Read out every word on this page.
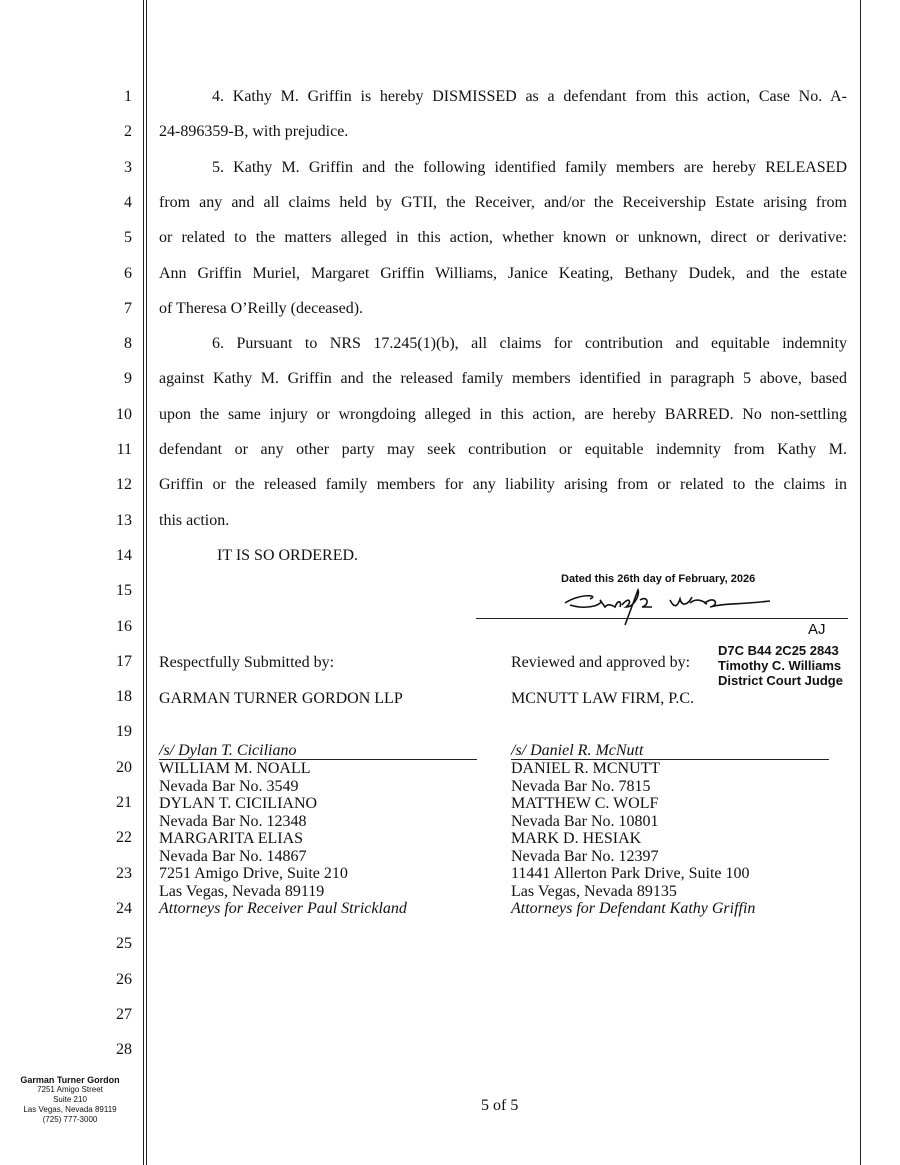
1
2
3
4
5
6
7
8
9
10
11
12
13
14
15
16
17
18
19
20
21
22
23
24
25
26
27
28
4. Kathy M. Griffin is hereby DISMISSED as a defendant from this action, Case No. A-
24-896359-B, with prejudice.
5. Kathy M. Griffin and the following identified family members are hereby RELEASED
from any and all claims held by GTII, the Receiver, and/or the Receivership Estate arising from
or related to the matters alleged in this action, whether known or unknown, direct or derivative:
Ann Griffin Muriel, Margaret Griffin Williams, Janice Keating, Bethany Dudek, and the estate
of Theresa O’Reilly (deceased).
6. Pursuant to NRS 17.245(1)(b), all claims for contribution and equitable indemnity
against Kathy M. Griffin and the released family members identified in paragraph 5 above, based
upon the same injury or wrongdoing alleged in this action, are hereby BARRED. No non-settling
defendant or any other party may seek contribution or equitable indemnity from Kathy M.
Griffin or the released family members for any liability arising from or related to the claims in
this action.
IT IS SO ORDERED.
Dated this 26th day of February, 2026
AJ
D7C B44 2C25 2843
Timothy C. Williams
District Court Judge
Respectfully Submitted by:
GARMAN TURNER GORDON LLP
/s/ Dylan T. Ciciliano
WILLIAM M. NOALL
Nevada Bar No. 3549
DYLAN T. CICILIANO
Nevada Bar No. 12348
MARGARITA ELIAS
Nevada Bar No. 14867
7251 Amigo Drive, Suite 210
Las Vegas, Nevada 89119
Attorneys for Receiver Paul Strickland
Reviewed and approved by:
MCNUTT LAW FIRM, P.C.
/s/ Daniel R. McNutt
DANIEL R. MCNUTT
Nevada Bar No. 7815
MATTHEW C. WOLF
Nevada Bar No. 10801
MARK D. HESIAK
Nevada Bar No. 12397
11441 Allerton Park Drive, Suite 100
Las Vegas, Nevada 89135
Attorneys for Defendant Kathy Griffin
Garman Turner Gordon
7251 Amigo Street
Suite 210
Las Vegas, Nevada 89119
(725) 777-3000
5 of 5
